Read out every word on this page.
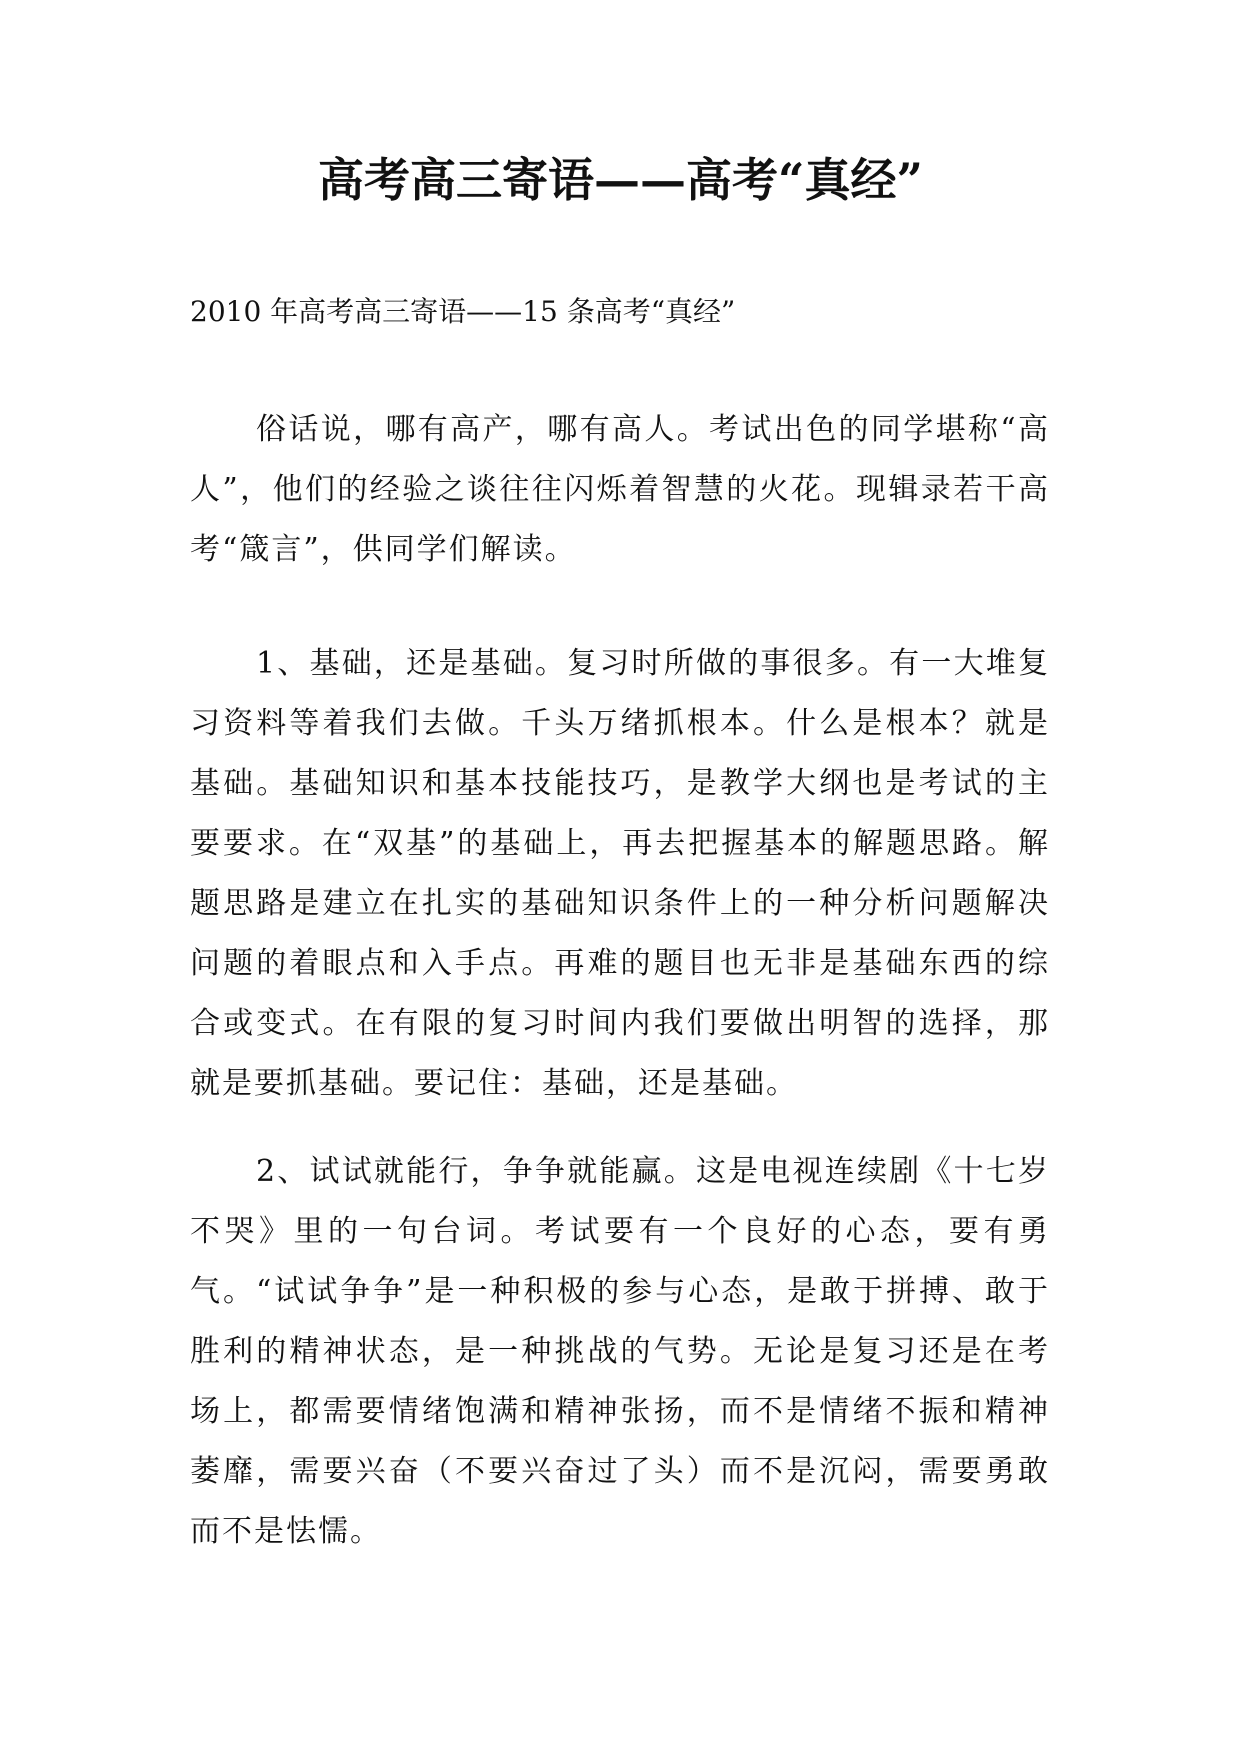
高考高三寄语——高考“真经”

2010 年高考高三寄语——15 条高考“真经”

俗话说，哪有高产，哪有高人。考试出色的同学堪称“高人”，他们的经验之谈往往闪烁着智慧的火花。现辑录若干高考“箴言”，供同学们解读。

1、基础，还是基础。复习时所做的事很多。有一大堆复习资料等着我们去做。千头万绪抓根本。什么是根本？就是基础。基础知识和基本技能技巧，是教学大纲也是考试的主要要求。在“双基”的基础上，再去把握基本的解题思路。解题思路是建立在扎实的基础知识条件上的一种分析问题解决问题的着眼点和入手点。再难的题目也无非是基础东西的综合或变式。在有限的复习时间内我们要做出明智的选择，那就是要抓基础。要记住：基础，还是基础。

2、试试就能行，争争就能赢。这是电视连续剧《十七岁不哭》里的一句台词。考试要有一个良好的心态，要有勇气。“试试争争”是一种积极的参与心态，是敢于拼搏、敢于胜利的精神状态，是一种挑战的气势。无论是复习还是在考场上，都需要情绪饱满和精神张扬，而不是情绪不振和精神萎靡，需要兴奋（不要兴奋过了头）而不是沉闷，需要勇敢而不是怯懦。
